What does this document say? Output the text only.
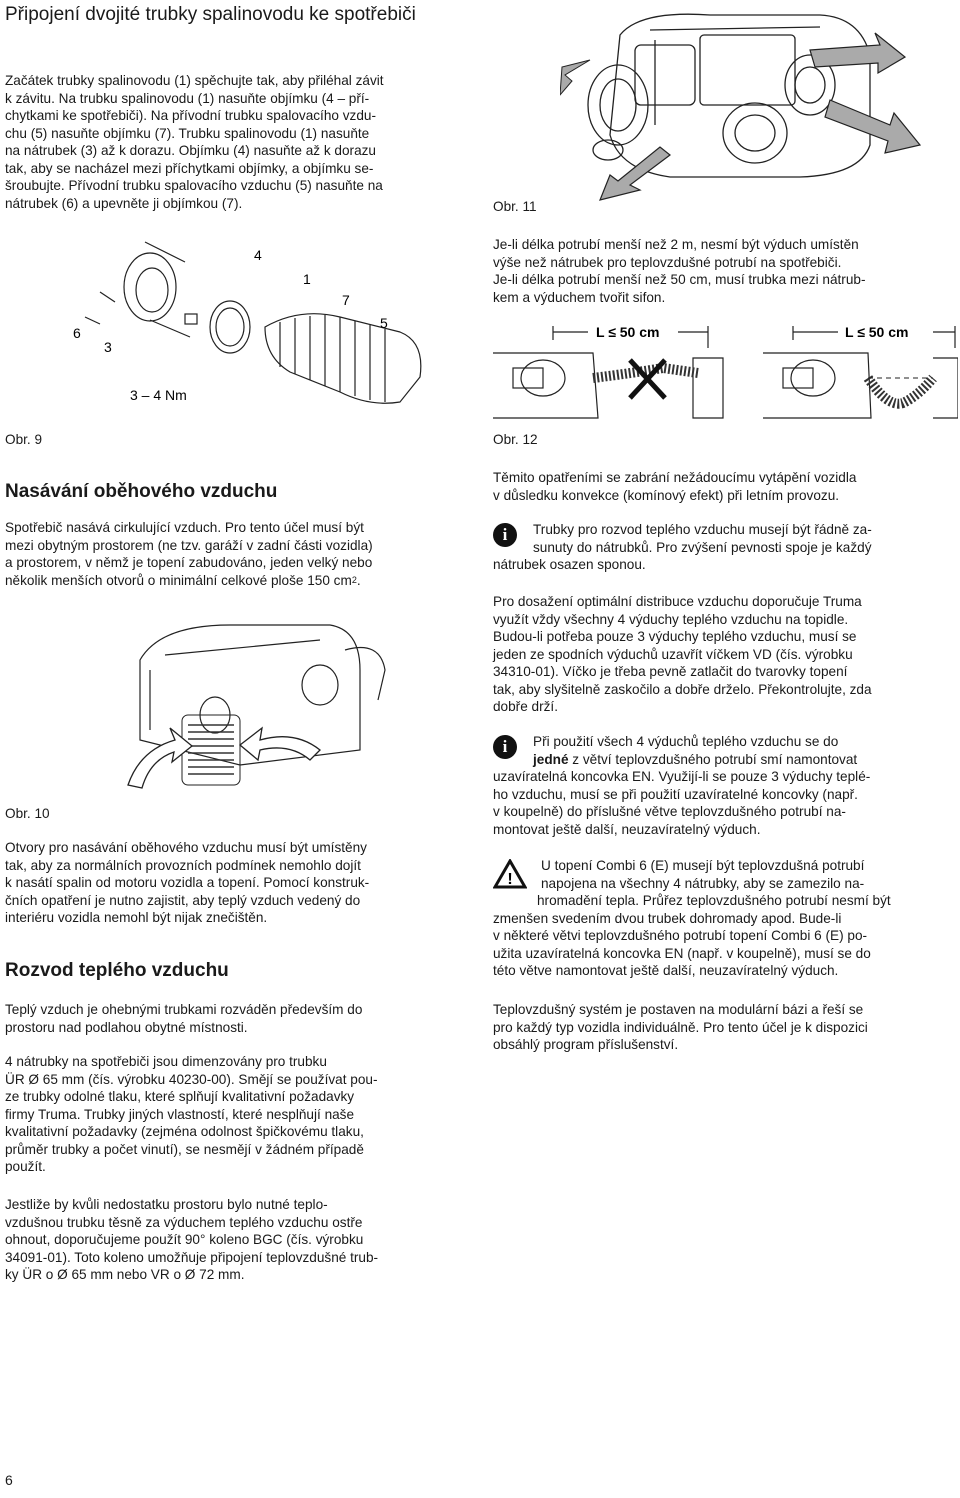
Připojení dvojité trubky spalinovodu ke spotřebiči
Začátek trubky spalinovodu (1) spěchujte tak, aby přiléhal závit
k závitu. Na trubku spalinovodu (1) nasuňte objímku (4 – pří-
chytkami ke spotřebiči). Na přívodní trubku spalovacího vzdu-
chu (5) nasuňte objímku (7). Trubku spalinovodu (1) nasuňte
na nátrubek (3) až k dorazu. Objímku (4) nasuňte až k dorazu
tak, aby se nacházel mezi příchytkami objímky, a objímku se-
šroubujte. Přívodní trubku spalovacího vzduchu (5) nasuňte na
nátrubek (6) a upevněte ji objímkou (7).
4
1
7
5
6
3
3 – 4 Nm
Obr. 9
Nasávání oběhového vzduchu
Spotřebič nasává cirkulující vzduch. Pro tento účel musí být
mezi obytným prostorem (ne tzv. garáží v zadní části vozidla)
a prostorem, v němž je topení zabudováno, jeden velký nebo
několik menších otvorů o minimální celkové ploše 150 $cm^2$.
Obr. 10
Otvory pro nasávání oběhového vzduchu musí být umístěny
tak, aby za normálních provozních podmínek nemohlo dojít
k nasátí spalin od motoru vozidla a topení. Pomocí konstruk-
čních opatření je nutno zajistit, aby teplý vzduch vedený do
interiéru vozidla nemohl být nijak znečištěn.
Rozvod teplého vzduchu
Teplý vzduch je ohebnými trubkami rozváděn především do
prostoru nad podlahou obytné místnosti.
4 nátrubky na spotřebiči jsou dimenzovány pro trubku
ÜR Ø 65 mm (čís. výrobku 40230-00). Smějí se používat pou-
ze trubky odolné tlaku, které splňují kvalitativní požadavky
firmy Truma. Trubky jiných vlastností, které nesplňují naše
kvalitativní požadavky (zejména odolnost špičkovému tlaku,
průměr trubky a počet vinutí), se nesmějí v žádném případě
použít.
Jestliže by kvůli nedostatku prostoru bylo nutné teplo-
vzdušnou trubku těsně za výduchem teplého vzduchu ostře
ohnout, doporučujeme použít 90° koleno BGC (čís. výrobku
34091-01). Toto koleno umožňuje připojení teplovzdušné trub-
ky ÜR o Ø 65 mm nebo VR o Ø 72 mm.
6
Obr. 11
Je-li délka potrubí menší než 2 m, nesmí být výduch umístěn
výše než nátrubek pro teplovzdušné potrubí na spotřebiči.
Je-li délka potrubí menší než 50 cm, musí trubka mezi nátrub-
kem a výduchem tvořit sifon.
L ≤ 50 cm	L ≤ 50 cm
Obr. 12
Těmito opatřeními se zabrání nežádoucímu vytápění vozidla
v důsledku konvekce (komínový efekt) při letním provozu.
i	Trubky pro rozvod teplého vzduchu musejí být řádně za-
sunuty do nátrubků. Pro zvýšení pevnosti spoje je každý
nátrubek osazen sponou.
Pro dosažení optimální distribuce vzduchu doporučuje Truma
využít vždy všechny 4 výduchy teplého vzduchu na topidle.
Budou-li potřeba pouze 3 výduchy teplého vzduchu, musí se
jeden ze spodních výduchů uzavřít víčkem VD (čís. výrobku
34310-01). Víčko je třeba pevně zatlačit do tvarovky topení
tak, aby slyšitelně zaskočilo a dobře drželo. Překontrolujte, zda
dobře drží.
i	Při použití všech 4 výduchů teplého vzduchu se do
jedné z větví teplovzdušného potrubí smí namontovat
uzavíratelná koncovka EN. Využijí-li se pouze 3 výduchy teplé-
ho vzduchu, musí se při použití uzavíratelné koncovky (např.
v koupelně) do příslušné větve teplovzdušného potrubí na-
montovat ještě další, neuzavíratelný výduch.
!
U topení Combi 6 (E) musejí být teplovzdušná potrubí
napojena na všechny 4 nátrubky, aby se zamezilo na-
hromadění tepla. Průřez teplovzdušného potrubí nesmí být
zmenšen svedením dvou trubek dohromady apod. Bude-li
v některé větvi teplovzdušného potrubí topení Combi 6 (E) po-
užita uzavíratelná koncovka EN (např. v koupelně), musí se do
této větve namontovat ještě další, neuzavíratelný výduch.
Teplovzdušný systém je postaven na modulární bázi a řeší se
pro každý typ vozidla individuálně. Pro tento účel je k dispozici
obsáhlý program příslušenství.
